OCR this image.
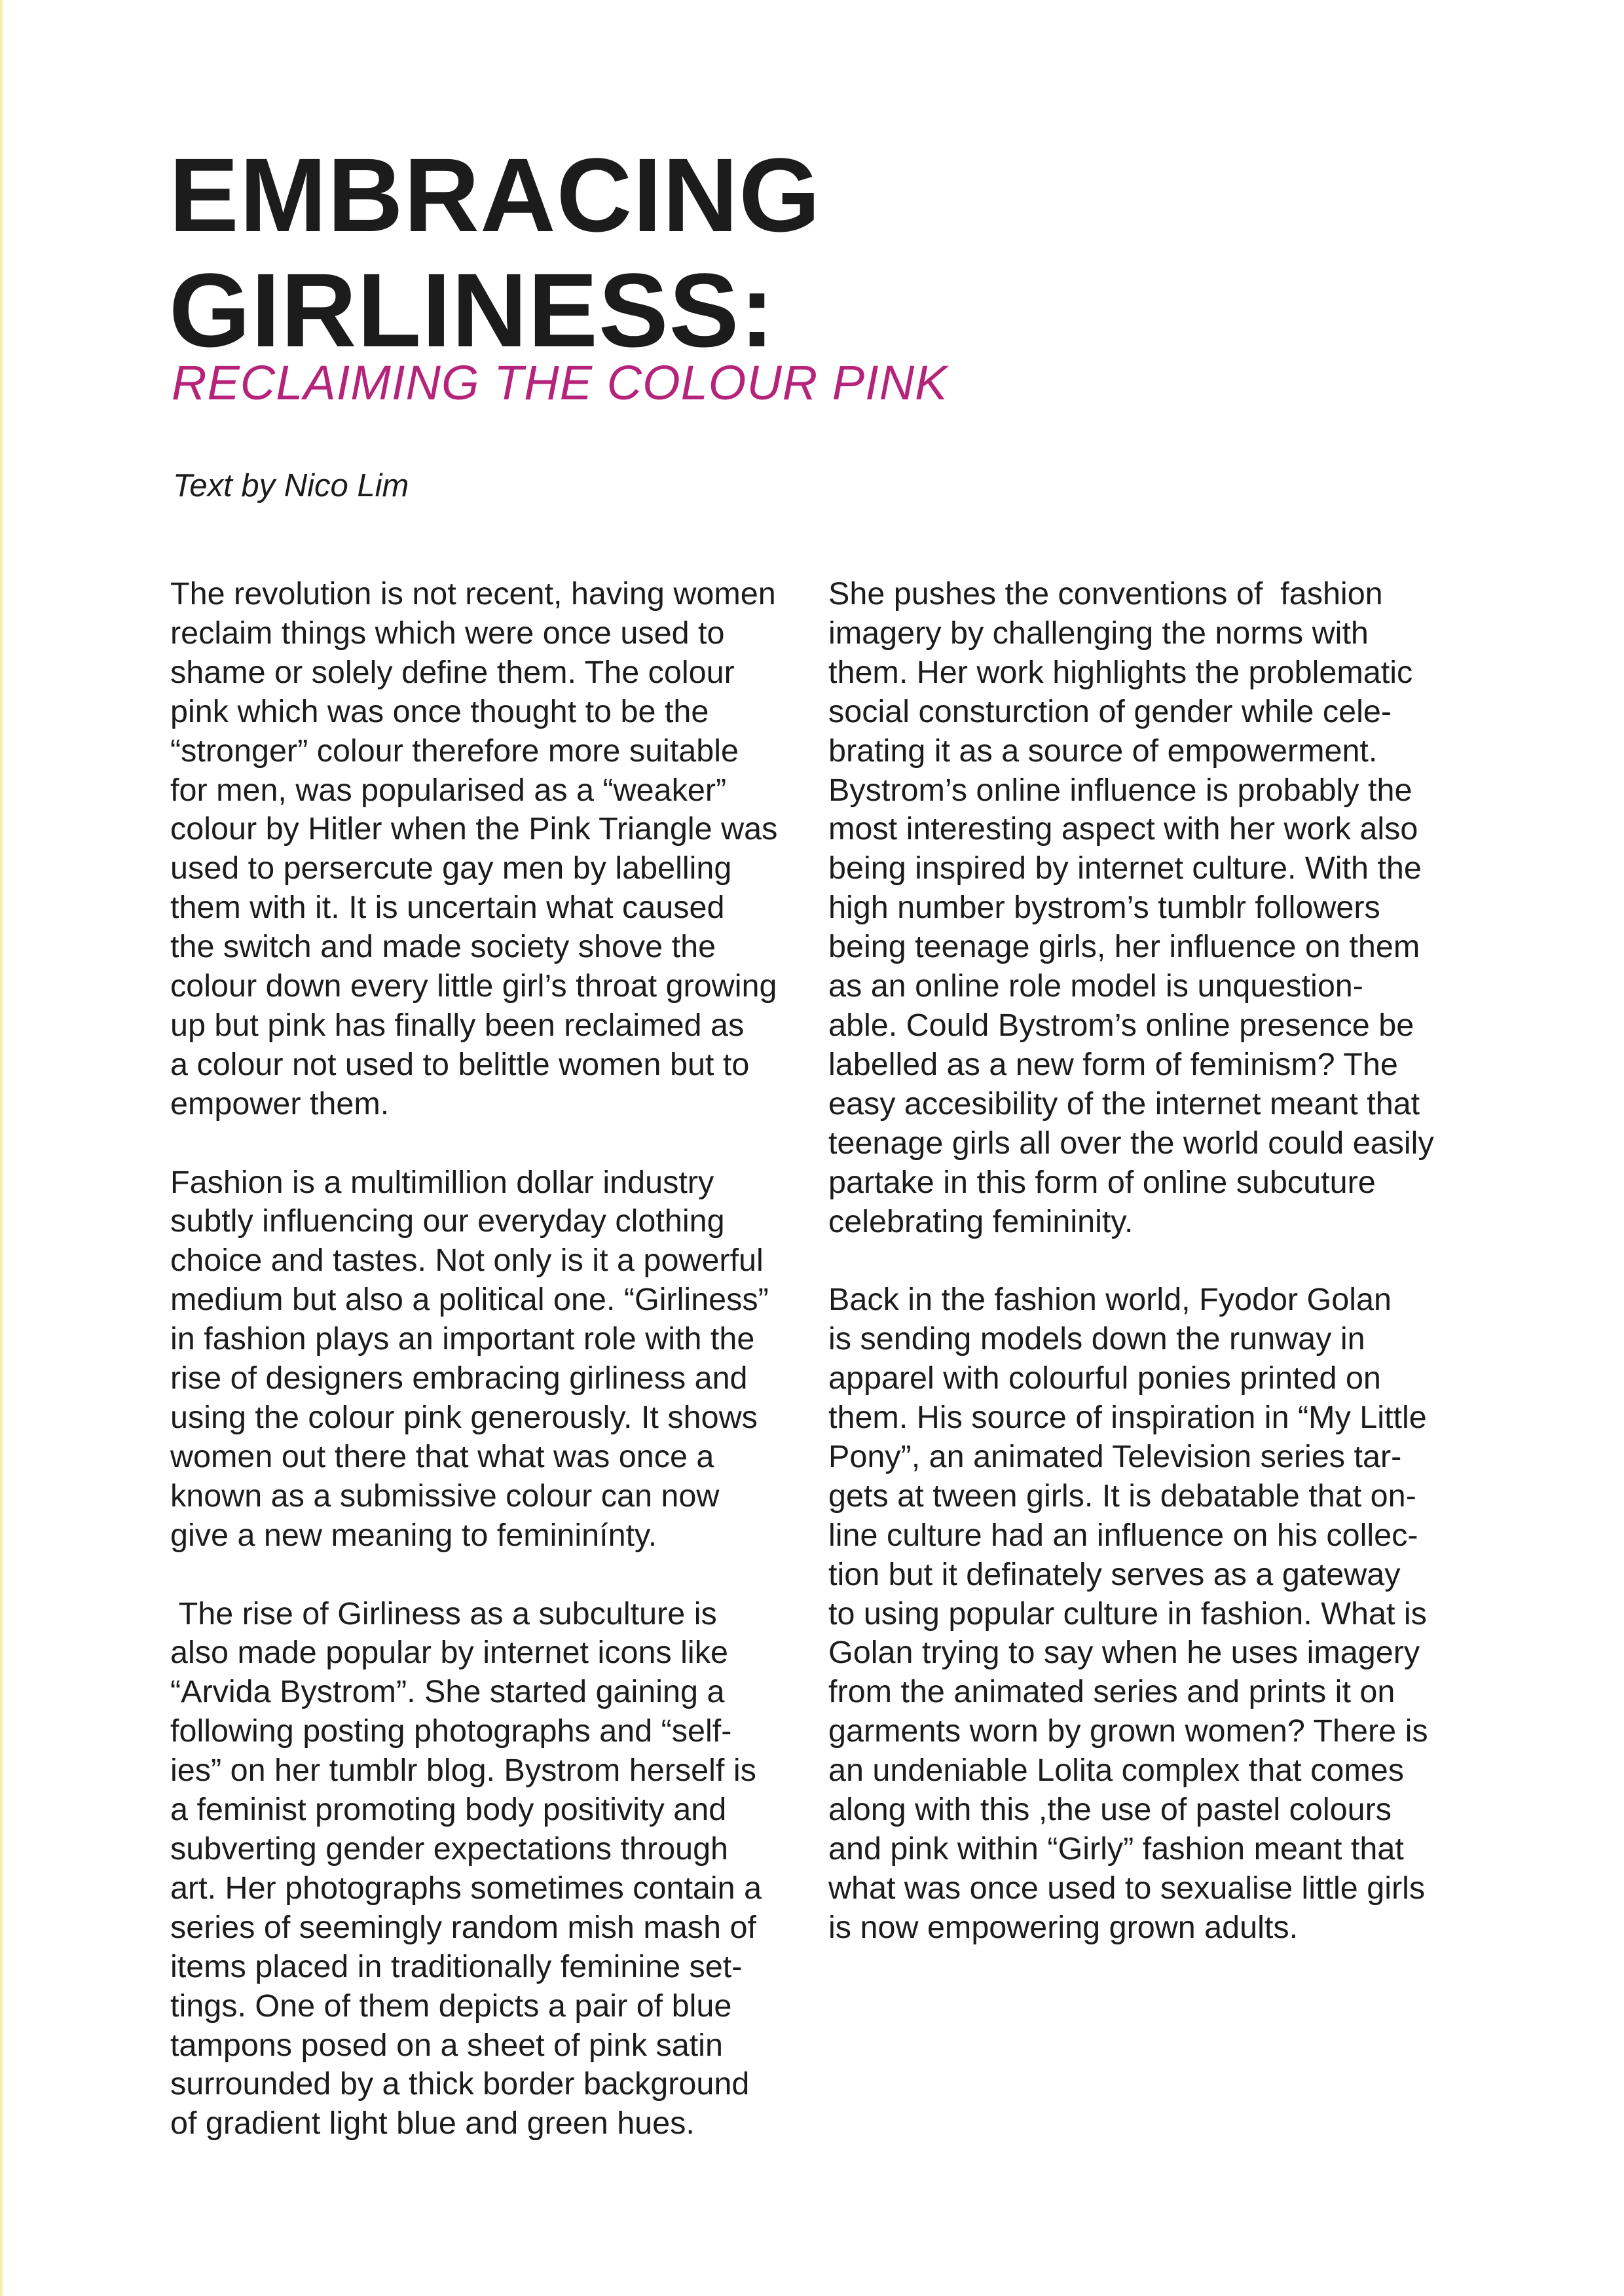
EMBRACING
GIRLINESS:
RECLAIMING THE COLOUR PINK

Text by Nico Lim

The revolution is not recent, having women
reclaim things which were once used to
shame or solely define them. The colour
pink which was once thought to be the
“stronger” colour therefore more suitable
for men, was popularised as a “weaker”
colour by Hitler when the Pink Triangle was
used to persercute gay men by labelling
them with it. It is uncertain what caused
the switch and made society shove the
colour down every little girl’s throat growing
up but pink has finally been reclaimed as
a colour not used to belittle women but to
empower them.
Fashion is a multimillion dollar industry
subtly influencing our everyday clothing
choice and tastes. Not only is it a powerful
medium but also a political one. “Girliness”
in fashion plays an important role with the
rise of designers embracing girliness and
using the colour pink generously. It shows
women out there that what was once a
known as a submissive colour can now
give a new meaning to femininínty.
The rise of Girliness as a subculture is
also made popular by internet icons like
“Arvida Bystrom”. She started gaining a
following posting photographs and “self-
ies” on her tumblr blog. Bystrom herself is
a feminist promoting body positivity and
subverting gender expectations through
art. Her photographs sometimes contain a
series of seemingly random mish mash of
items placed in traditionally feminine set-
tings. One of them depicts a pair of blue
tampons posed on a sheet of pink satin
surrounded by a thick border background
of gradient light blue and green hues.
She pushes the conventions of  fashion
imagery by challenging the norms with
them. Her work highlights the problematic
social consturction of gender while cele-
brating it as a source of empowerment.
Bystrom’s online influence is probably the
most interesting aspect with her work also
being inspired by internet culture. With the
high number bystrom’s tumblr followers
being teenage girls, her influence on them
as an online role model is unquestion-
able. Could Bystrom’s online presence be
labelled as a new form of feminism? The
easy accesibility of the internet meant that
teenage girls all over the world could easily
partake in this form of online subcuture
celebrating femininity.
Back in the fashion world, Fyodor Golan
is sending models down the runway in
apparel with colourful ponies printed on
them. His source of inspiration in “My Little
Pony”, an animated Television series tar-
gets at tween girls. It is debatable that on-
line culture had an influence on his collec-
tion but it definately serves as a gateway
to using popular culture in fashion. What is
Golan trying to say when he uses imagery
from the animated series and prints it on
garments worn by grown women? There is
an undeniable Lolita complex that comes
along with this ,the use of pastel colours
and pink within “Girly” fashion meant that
what was once used to sexualise little girls
is now empowering grown adults.
